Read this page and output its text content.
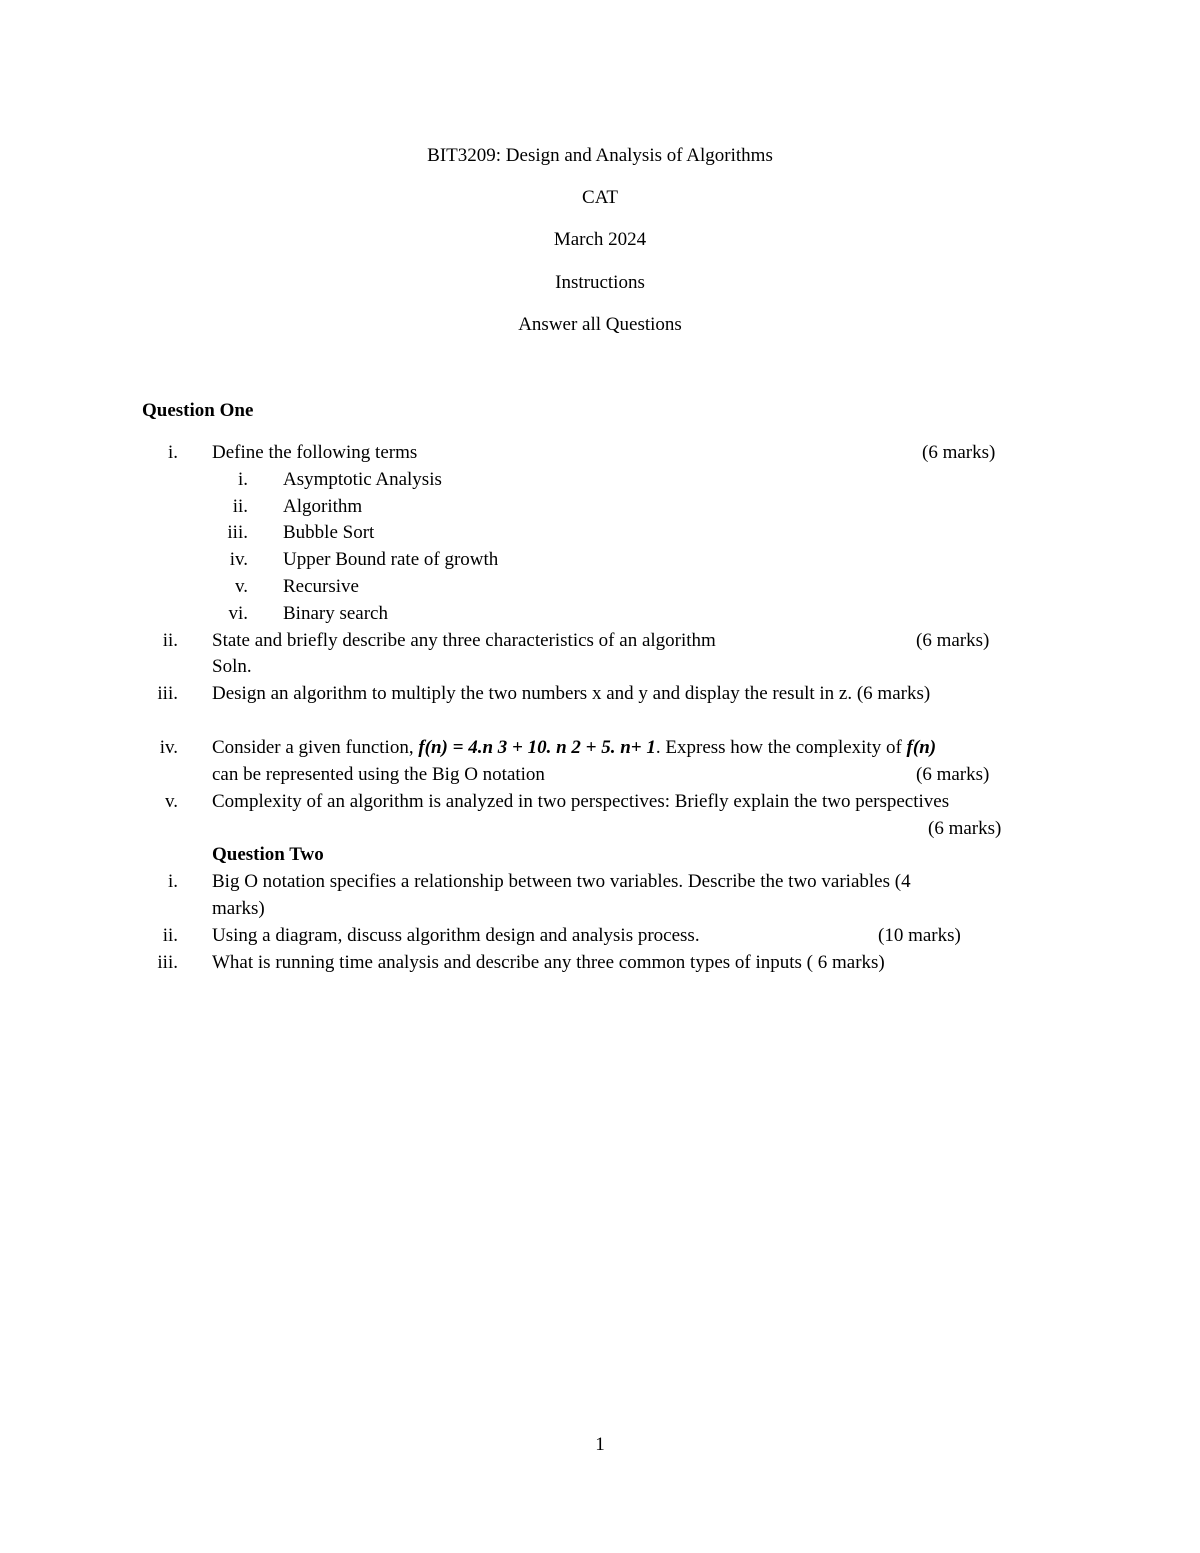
BIT3209: Design and Analysis of Algorithms
CAT
March 2024
Instructions
Answer all Questions
Question One
i. Define the following terms	(6 marks)
i. Asymptotic Analysis
ii. Algorithm
iii. Bubble Sort
iv. Upper Bound rate of growth
v. Recursive
vi. Binary search
ii. State and briefly describe any three characteristics of an algorithm	(6 marks)
Soln.
iii. Design an algorithm to multiply the two numbers x and y and display the result in z. (6 marks)
iv. Consider a given function, f(n) = 4.n 3 + 10. n 2 + 5. n+ 1. Express how the complexity of f(n)
can be represented using the Big O notation	(6 marks)
v. Complexity of an algorithm is analyzed in two perspectives: Briefly explain the two perspectives
(6 marks)
Question Two
i. Big O notation specifies a relationship between two variables. Describe the two variables (4
marks)
ii. Using a diagram, discuss algorithm design and analysis process.	(10 marks)
iii. What is running time analysis and describe any three common types of inputs ( 6 marks)
1
